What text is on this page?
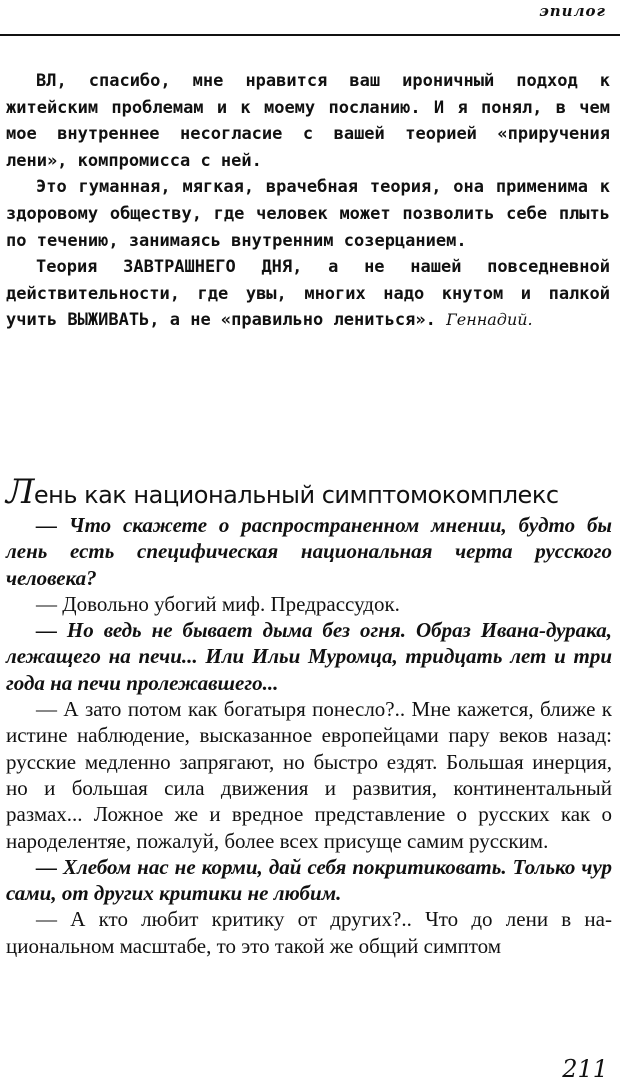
эпилог

ВЛ, спасибо, мне нравится ваш ироничный подход к житейским проблемам и к моему посланию. И я понял, в чем мое внутреннее несогласие с вашей теорией «приручения лени», компромисса с ней.

Это гуманная, мягкая, врачебная теория, она применима к здоровому обществу, где человек может позволить себе плыть по течению, занимаясь внутренним созерцанием.

Теория ЗАВТРАШНЕГО ДНЯ, а не нашей повседневной действительности, где увы, многих надо кнутом и палкой учить ВЫЖИВАТЬ, а не «правильно лениться». Геннадий.

Лень как национальный симптомокомплекс

— Что скажете о распространенном мнении, будто бы лень есть специфическая национальная черта русского человека?

— Довольно убогий миф. Предрассудок.

— Но ведь не бывает дыма без огня. Образ Ивана-дурака, лежащего на печи... Или Ильи Муромца, тридцать лет и три года на печи пролежавшего...

— А зато потом как богатыря понесло?.. Мне кажется, ближе к истине наблюдение, высказанное европейцами пару веков назад: русские медленно запрягают, но быстро ездят. Большая инерция, но и большая сила движения и развития, континентальный размах... Ложное же и вредное представление о русских как о народелентяе, пожалуй, более всех присуще самим русским.

— Хлебом нас не корми, дай себя покритиковать. Только чур сами, от других критики не любим.

— А кто любит критику от других?.. Что до лени в национальном масштабе, то это такой же общий симптом

211
